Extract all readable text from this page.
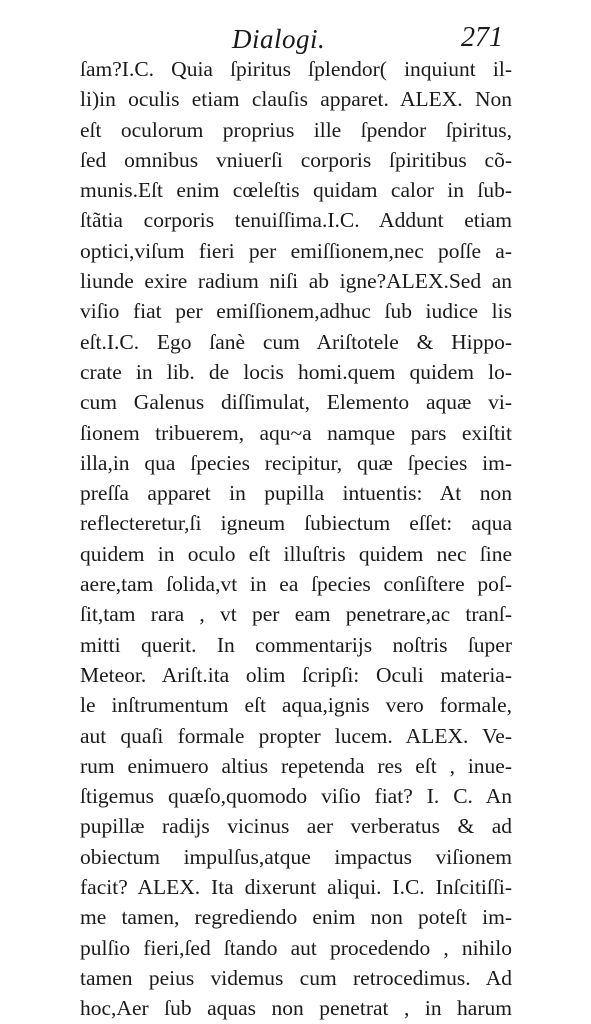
Dialogi.	271
ſam?I.C. Quia ſpiritus ſplendor( inquiunt il-
li)in oculis etiam clauſis apparet. ALEX. Non
eſt oculorum proprius ille ſpendor ſpiritus,
ſed omnibus vniuerſi corporis ſpiritibus cõ-
munis.Eſt enim cœleſtis quidam calor in ſub-
ſtãtia corporis tenuiſſima.I.C. Addunt etiam
optici,viſum fieri per emiſſionem,nec poſſe a-
liunde exire radium niſi ab igne?ALEX.Sed an
viſio fiat per emiſſionem,adhuc ſub iudice lis
eſt.I.C. Ego ſanè cum Ariſtotele & Hippo-
crate in lib. de locis homi.quem quidem lo-
cum Galenus diſſimulat, Elemento aquæ vi-
ſionem tribuerem, aqu~a namque pars exiſtit
illa,in qua ſpecies recipitur, quæ ſpecies im-
preſſa apparet in pupilla intuentis: At non
reflecteretur,ſi igneum ſubiectum eſſet: aqua
quidem in oculo eſt illuſtris quidem nec ſine
aere,tam ſolida,vt in ea ſpecies conſiſtere poſ-
ſit,tam rara , vt per eam penetrare,ac tranſ-
mitti querit. In commentarijs noſtris ſuper
Meteor. Ariſt.ita olim ſcripſi: Oculi materia-
le inſtrumentum eſt aqua,ignis vero formale,
aut quaſi formale propter lucem. ALEX. Ve-
rum enimuero altius repetenda res eſt , inue-
ſtigemus quæſo,quomodo viſio fiat? I. C. An
pupillæ radijs vicinus aer verberatus & ad
obiectum impulſus,atque impactus viſionem
facit? ALEX. Ita dixerunt aliqui. I.C. Inſcitiſſi-
me tamen, regrediendo enim non poteſt im-
pulſio fieri,ſed ſtando aut procedendo , nihilo
tamen peius videmus cum retrocedimus. Ad
hoc,Aer ſub aquas non penetrat , in harum
